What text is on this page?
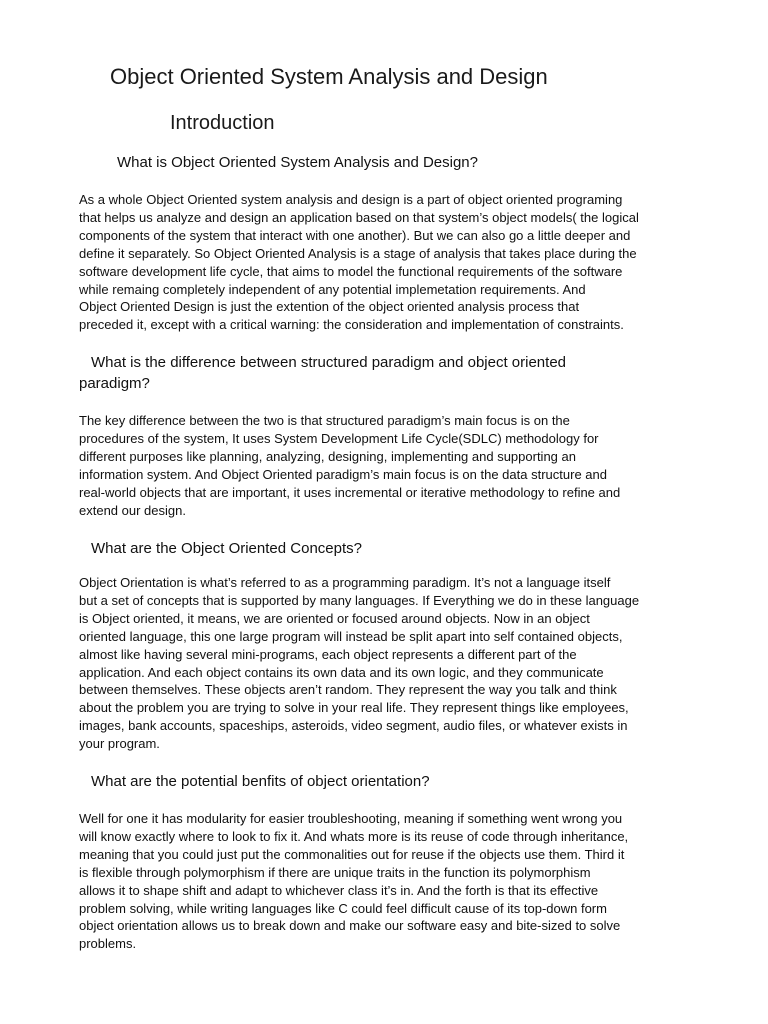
Object Oriented System Analysis and Design
Introduction
What is Object Oriented System Analysis and Design?

As a whole Object Oriented system analysis and design is a part of object oriented programing
that helps us analyze and design an application based on that system’s object models( the logical
components of the system that interact with one another). But we can also go a little deeper and
define it separately. So Object Oriented Analysis is a stage of analysis that takes place during the
software development life cycle, that aims to model the functional requirements of the software
while remaing completely independent of any potential implemetation requirements. And
Object Oriented Design is just the extention of the object oriented analysis process that
preceded it, except with a critical warning: the consideration and implementation of constraints.

What is the difference between structured paradigm and object oriented
paradigm?

The key difference between the two is that structured paradigm’s main focus is on the
procedures of the system, It uses System Development Life Cycle(SDLC) methodology for
different purposes like planning, analyzing, designing, implementing and supporting an
information system. And Object Oriented paradigm’s main focus is on the data structure and
real-world objects that are important, it uses incremental or iterative methodology to refine and
extend our design.

What are the Object Oriented Concepts?

Object Orientation is what’s referred to as a programming paradigm. It’s not a language itself
but a set of concepts that is supported by many languages. If Everything we do in these language
is Object oriented, it means, we are oriented or focused around objects. Now in an object
oriented language, this one large program will instead be split apart into self contained objects,
almost like having several mini-programs, each object represents a different part of the
application. And each object contains its own data and its own logic, and they communicate
between themselves. These objects aren’t random. They represent the way you talk and think
about the problem you are trying to solve in your real life. They represent things like employees,
images, bank accounts, spaceships, asteroids, video segment, audio files, or whatever exists in
your program.

What are the potential benfits of object orientation?

Well for one it has modularity for easier troubleshooting, meaning if something went wrong you
will know exactly where to look to fix it. And whats more is its reuse of code through inheritance,
meaning that you could just put the commonalities out for reuse if the objects use them. Third it
is flexible through polymorphism if there are unique traits in the function its polymorphism
allows it to shape shift and adapt to whichever class it’s in. And the forth is that its effective
problem solving, while writing languages like C could feel difficult cause of its top-down form
object orientation allows us to break down and make our software easy and bite-sized to solve
problems.
